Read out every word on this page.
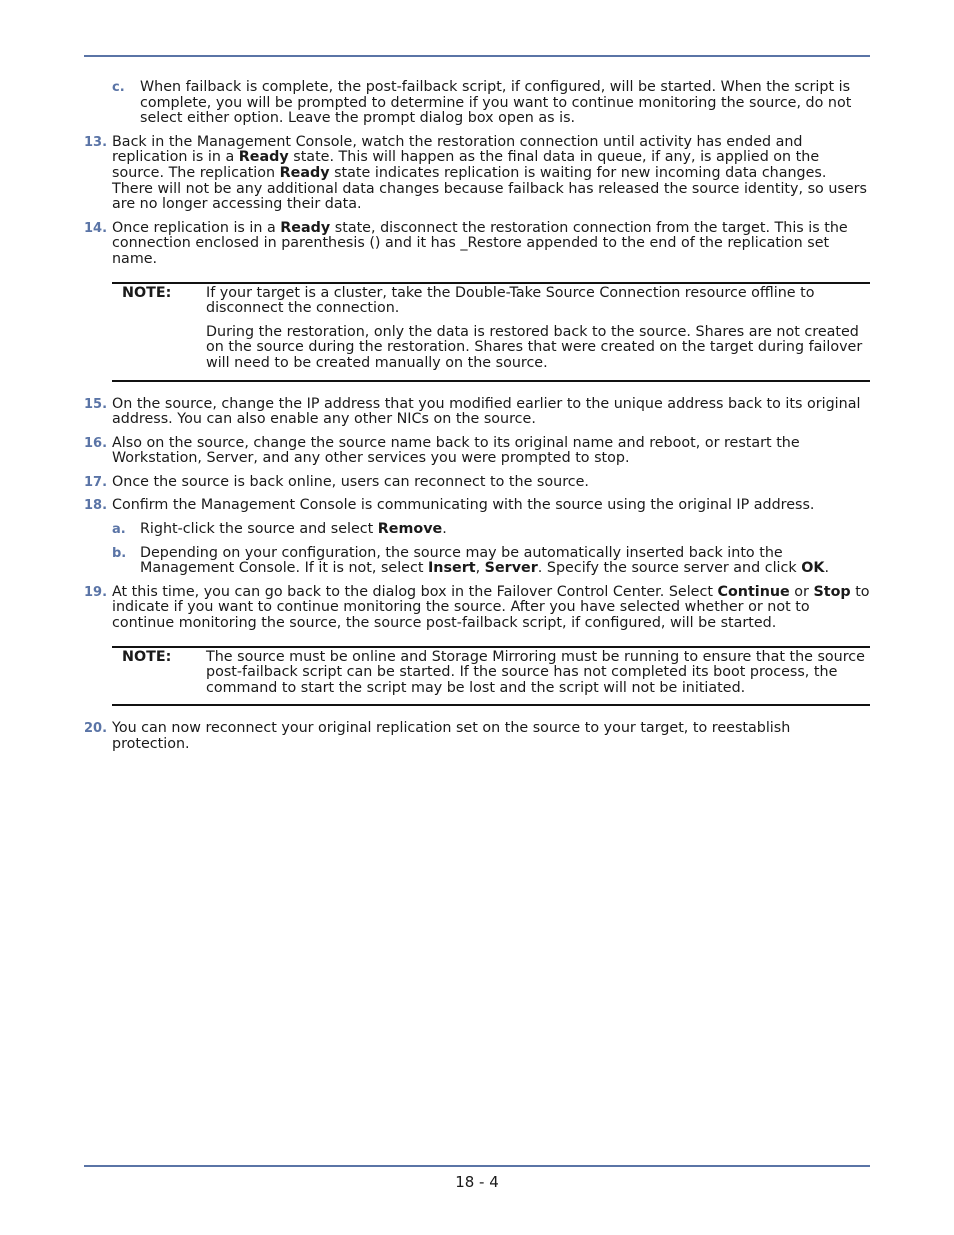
c. When failback is complete, the post-failback script, if configured, will be started. When the script is complete, you will be prompted to determine if you want to continue monitoring the source, do not select either option. Leave the prompt dialog box open as is.
13. Back in the Management Console, watch the restoration connection until activity has ended and replication is in a Ready state. This will happen as the final data in queue, if any, is applied on the source. The replication Ready state indicates replication is waiting for new incoming data changes. There will not be any additional data changes because failback has released the source identity, so users are no longer accessing their data.
14. Once replication is in a Ready state, disconnect the restoration connection from the target. This is the connection enclosed in parenthesis () and it has _Restore appended to the end of the replication set name.
NOTE:	If your target is a cluster, take the Double-Take Source Connection resource offline to disconnect the connection.

During the restoration, only the data is restored back to the source. Shares are not created on the source during the restoration. Shares that were created on the target during failover will need to be created manually on the source.

15. On the source, change the IP address that you modified earlier to the unique address back to its original address. You can also enable any other NICs on the source.
16. Also on the source, change the source name back to its original name and reboot, or restart the Workstation, Server, and any other services you were prompted to stop.
17. Once the source is back online, users can reconnect to the source.
18. Confirm the Management Console is communicating with the source using the original IP address.
a. Right-click the source and select Remove.
b. Depending on your configuration, the source may be automatically inserted back into the Management Console. If it is not, select Insert, Server. Specify the source server and click OK.
19. At this time, you can go back to the dialog box in the Failover Control Center. Select Continue or Stop to indicate if you want to continue monitoring the source. After you have selected whether or not to continue monitoring the source, the source post-failback script, if configured, will be started.
NOTE:	The source must be online and Storage Mirroring must be running to ensure that the source post-failback script can be started. If the source has not completed its boot process, the command to start the script may be lost and the script will not be initiated.

20. You can now reconnect your original replication set on the source to your target, to reestablish protection.
18 - 4
